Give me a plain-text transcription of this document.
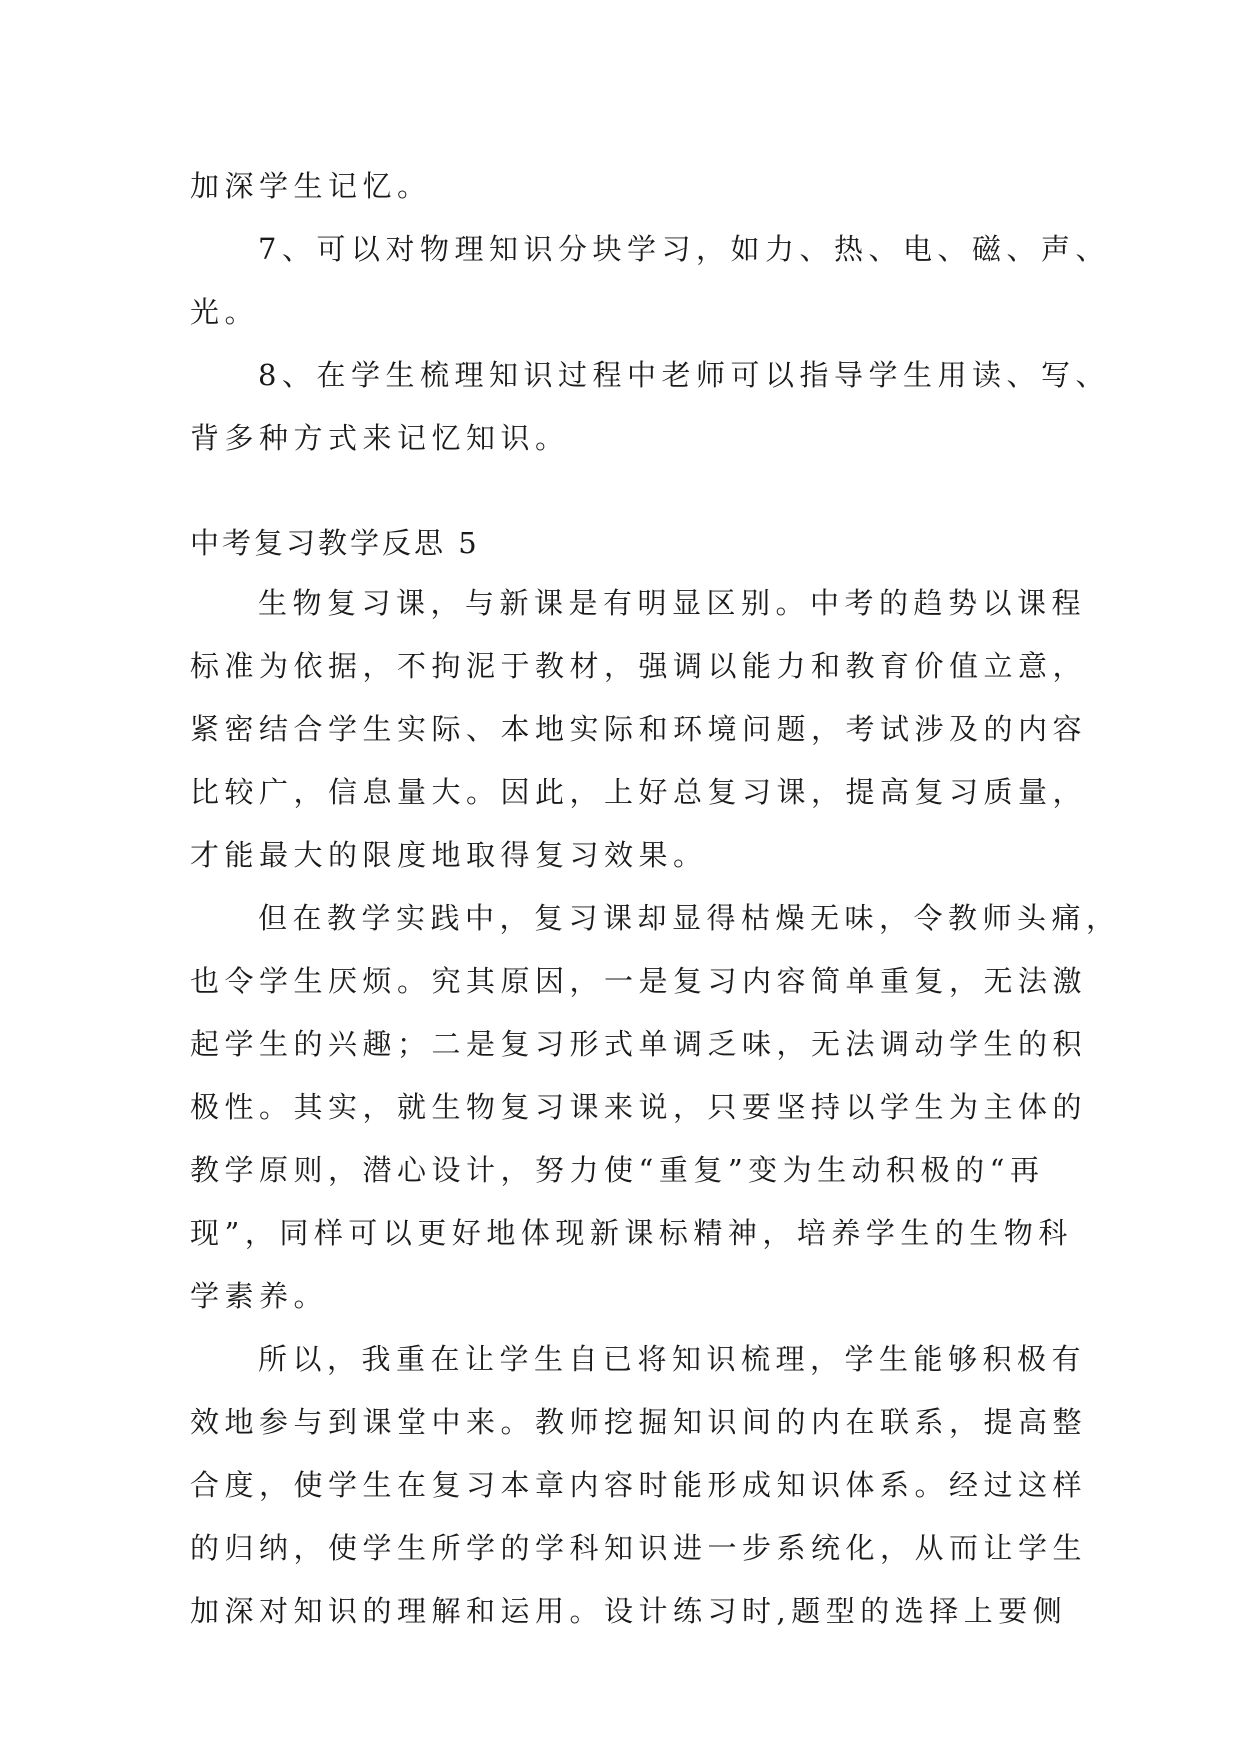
加深学生记忆。

7、可以对物理知识分块学习，如力、热、电、磁、声、

光。

8、在学生梳理知识过程中老师可以指导学生用读、写、

背多种方式来记忆知识。

中考复习教学反思 5

生物复习课，与新课是有明显区别。中考的趋势以课程

标准为依据，不拘泥于教材，强调以能力和教育价值立意，

紧密结合学生实际、本地实际和环境问题，考试涉及的内容

比较广，信息量大。因此，上好总复习课，提高复习质量，

才能最大的限度地取得复习效果。

但在教学实践中，复习课却显得枯燥无味，令教师头痛，

也令学生厌烦。究其原因，一是复习内容简单重复，无法激

起学生的兴趣；二是复习形式单调乏味，无法调动学生的积

极性。其实，就生物复习课来说，只要坚持以学生为主体的

教学原则，潜心设计，努力使“重复”变为生动积极的“再

现”，同样可以更好地体现新课标精神，培养学生的生物科

学素养。

所以，我重在让学生自已将知识梳理，学生能够积极有

效地参与到课堂中来。教师挖掘知识间的内在联系，提高整

合度，使学生在复习本章内容时能形成知识体系。经过这样

的归纳，使学生所学的学科知识进一步系统化，从而让学生

加深对知识的理解和运用。设计练习时,题型的选择上要侧
